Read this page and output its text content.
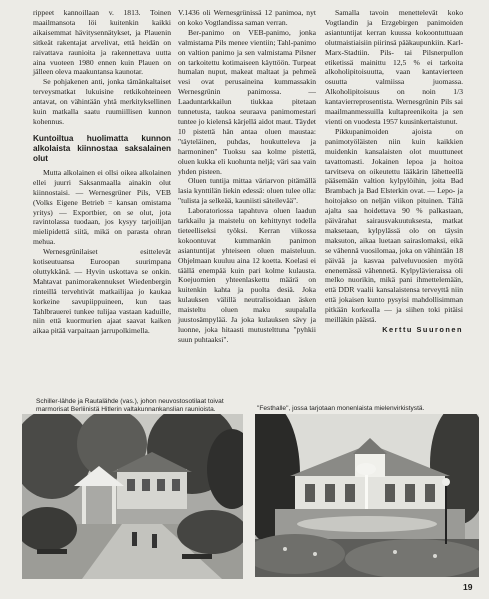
rippeet kannoillaan v. 1813. Toinen maailmansota löi kuitenkin kaikki aikaisemmat hävitysennätykset, ja Plauenin sitkeät rakentajat arvelivat, että heidän on raivattava raunioita ja rakennettava uutta aina vuoteen 1980 ennen kuin Plauen on jälleen oleva maakuntansa kaunotar.

Se pohjakenen anti, jonka tämänkaltaiset terveysmatkat lukuisine retkikohteineen antavat, on vähintään yhtä merkityksellinen kuin matkalla saatu ruumiillisen kunnon kohennus.

Kuntoiltua huolimatta kunnon alkolaista kiinnostaa saksalainen olut

Mutta alkolainen ei ollsi oikea alkolainen ellei juurri Saksanmaalla ainakin olut kiinnostaisi. — Wernesgrüner Pils, VEB (Volks Eigene Betrieb = kansan omistama yritys) — Exportbier, on se olut, jota ravintolassa tuodaan, jos kysyy tarjoilijan mielipidettä siitä, mikä on parasta ohran mehua.

Wernesgrünilaiset esittelevät kotiseutuansa Euroopan suurimpana oluttykkänä. — Hyvin uskottava se onkin. Mahtavat panimorakennukset Wiedenbergin rinteillä tervehtivät matkailijaa jo kaukaa korkeine savupiippuineen, kun taas Tahlbrauerei tunkee tulijaa vastaan kaduille, niin että kuormurien ajaat saavat kaiken aikaa pitää varpaitaan jarrupolkimella.

V.1436 oli Wernesgrünissä 12 panimoa, nyt on koko Vogtlandissa saman verran.

Ber-panimo on VEB-panimo, jonka valmistama Pils menee vientiin; Tahl-panimo on valtion panimo ja sen valmistama Pilsner on tarkoitettu kotimaiseen käyttöön. Turpeat humalan nuput, makeat maltaat ja pehmeä vesi ovat perusaineina kummassakin Wernesgrünin panimossa. — Laaduntarkkailun tiukkaa pitetaan tunnetusta, taukoa seuraava panimomestari tuntee jo kielensä kärjellä aidot maut. Täydet 10 pistettä hän antaa oluen maustaa: "täyteläinen, puhdas, houkutteleva ja harmoninen" Tuoksu saa kolme pistettä, oluen kukka eli kuohunta neljä; väri saa vain yhden pisteen.

Oluen tuntija mittaa väriarvon pitämällä lasia kynttilän liekin edessä: oluen tulee olla: "tulista ja selkeää, kauniisti säteilevää".

Laboratoriossa tapahtuva oluen laadun tarkkailu ja maistelu on kehittynyt todella tieteelliseksi työksi. Kerran viikossa kokoontuvat kummankin panimon asiantuntijat yhteiseen oluen maisteluun. Ohjelmaan kuuluu aina 12 koetta. Koelasi ei täällä enempää kuin pari kolme kulausta. Koejuomien yhteenlaskettu määrä on kuitenkin kahta ja puolta desiä. Joka kulauksen välillä neutralisoidaan äsken maisteltu oluen maku suupalalla juustosämpylää. Ja joka kulauksen sävy ja luonne, joka hitaasti mutustelttuna "pyhkii suun puhtaaksi".

Samalla tavoin menettelevät koko Vogtlandin ja Erzgebirgen panimoiden asiantuntijat kerran kuussa kokoontuttuaan olutmaistiaisiin piirinsä pääkaupunkiin. Karl-Marx-Stadtiin. Pils- tai Pilsnerpullon etiketissä mainittu 12,5 % ei tarkoita alkoholipitoisuutta, vaan kantavierteen osuutta valmiissa juomassa. Alkoholipitoisuus on noin 1/3 kantavierreprosentista. Wernesgrünin Pils sai maailmanmessuilla kultapreenikoita ja sen vienti on vuodesta 1957 kuusinkertaistunut.

Pikkupanimoiden ajoista on panimotyöläisten niin kuin kaikkien muidenkin kansalaisten olot muuttuneet tavattomasti. Jokainen lepoa ja hoitoa tarvitseva on oikeutettu lääkärin lähetteellä pääsemään valtion kylpylöihin, joita Bad Brambach ja Bad Elsterkin ovat. — Lepo- ja hoitojakso on neljän viikon pituinen. Tältä ajalta saa hoidettava 90 % palkastaan, päivärahat sairausvakuutuksesta, matkat maksetaan, kylpylässä olo on täysin maksuton, aikaa luetaan sairaslomaksi, eikä se vähennä vuosilomaa, joka on vähintään 18 päivää ja kasvaa palveluvuosien myötä enenemässä vähennetä. Kylpylävieraissa oli melko nuorikin, mikä pani ihmettelemään, että DDR vaalii kansalaistensa terveyttä niin että jokaisen kunto pysyisi mahdollisimman pitkään korkealla — ja siihen toki pitäisi meilläkin päästä.

Kerttu Suuronen

Schiller-lähde ja Rautalähde (vas.), johon neuvostosotilaat toivat marmorisat Berliinistä Hitlerin valtakunnankanslian raunioista.	"Festhalle", jossa tarjotaan monenlaista mielenvirkistystä.
19
